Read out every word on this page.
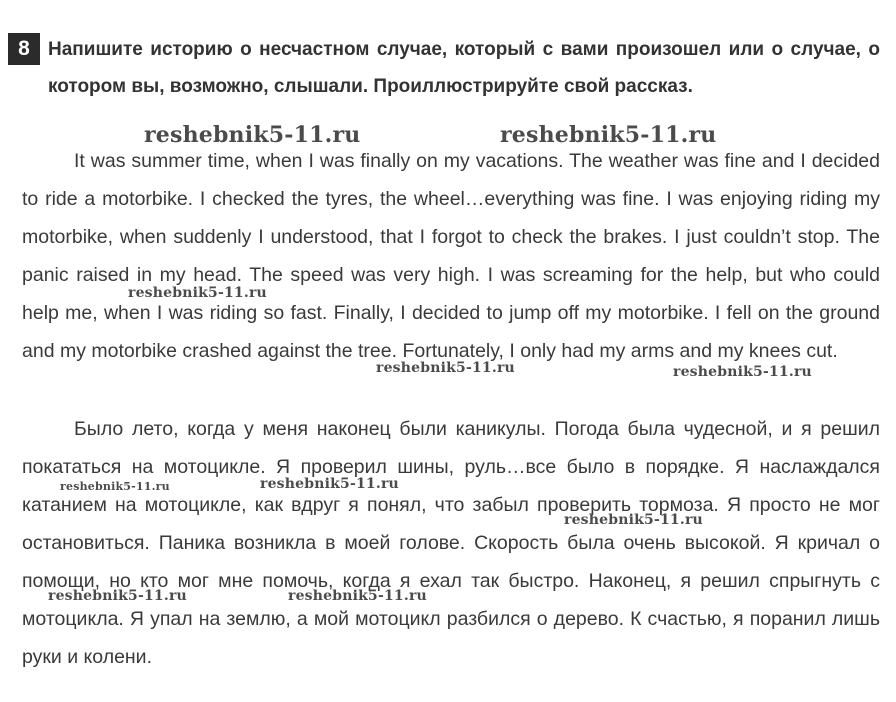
8 Напишите историю о несчастном случае, который с вами произошел или о случае, о котором вы, возможно, слышали. Проиллюстрируйте свой рассказ.

It was summer time, when I was finally on my vacations. The weather was fine and I decided to ride a motorbike. I checked the tyres, the wheel…everything was fine. I was enjoying riding my motorbike, when suddenly I understood, that I forgot to check the brakes. I just couldn’t stop. The panic raised in my head. The speed was very high. I was screaming for the help, but who could help me, when I was riding so fast. Finally, I decided to jump off my motorbike. I fell on the ground and my motorbike crashed against the tree. Fortunately, I only had my arms and my knees cut.

Было лето, когда у меня наконец были каникулы. Погода была чудесной, и я решил покататься на мотоцикле. Я проверил шины, руль…все было в порядке. Я наслаждался катанием на мотоцикле, как вдруг я понял, что забыл проверить тормоза. Я просто не мог остановиться. Паника возникла в моей голове. Скорость была очень высокой. Я кричал о помощи, но кто мог мне помочь, когда я ехал так быстро. Наконец, я решил спрыгнуть с мотоцикла. Я упал на землю, а мой мотоцикл разбился о дерево. К счастью, я поранил лишь руки и колени.

reshebnik5-11.ru	reshebnik5-11.ru
reshebnik5-11.ru
reshebnik5-11.ru	reshebnik5-11.ru
reshebnik5-11.ru	reshebnik5-11.ru
reshebnik5-11.ru
reshebnik5-11.ru	reshebnik5-11.ru
